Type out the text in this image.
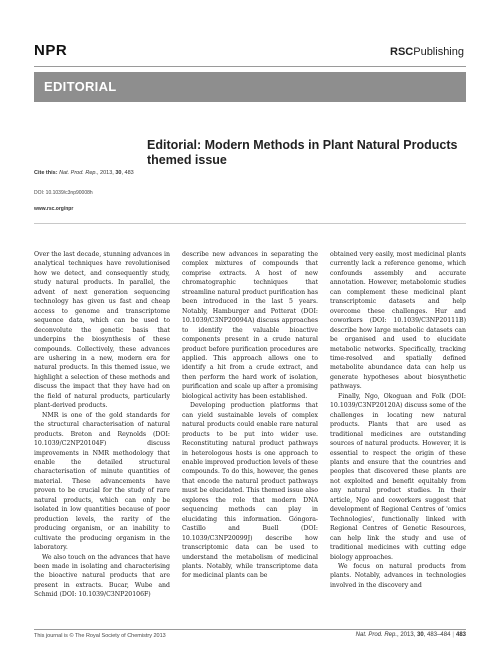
NPR	RSCPublishing
EDITORIAL
Editorial: Modern Methods in Plant Natural Products themed issue
Cite this: Nat. Prod. Rep., 2013, 30, 483
DOI: 10.1039/c3np90008h
www.rsc.org/npr

Over the last decade, stunning advances in analytical techniques have revolutionised how we detect, and consequently study, study natural products. In parallel, the advent of next generation sequencing technology has given us fast and cheap access to genome and transcriptome sequence data, which can be used to deconvolute the genetic basis that underpins the biosynthesis of these compounds. Collectively, these advances are ushering in a new, modern era for natural products. In this themed issue, we highlight a selection of these methods and discuss the impact that they have had on the field of natural products, particularly plant-derived products.

NMR is one of the gold standards for the structural characterisation of natural products. Breton and Reynolds (DOI: 10.1039/C2NP20104F) discuss improvements in NMR methodology that enable the detailed structural characterisation of minute quantities of material. These advancements have proven to be crucial for the study of rare natural products, which can only be isolated in low quantities because of poor production levels, the rarity of the producing organism, or an inability to cultivate the producing organism in the laboratory.

We also touch on the advances that have been made in isolating and characterising the bioactive natural products that are present in extracts. Bucar, Wube and Schmid (DOI: 10.1039/C3NP20106F)

describe new advances in separating the complex mixtures of compounds that comprise extracts. A host of new chromatographic techniques that streamline natural product purification has been introduced in the last 5 years. Notably, Hamburger and Potterat (DOI: 10.1039/C3NP20094A) discuss approaches to identify the valuable bioactive components present in a crude natural product before purification procedures are applied. This approach allows one to identify a hit from a crude extract, and then perform the hard work of isolation, purification and scale up after a promising biological activity has been established.

Developing production platforms that can yield sustainable levels of complex natural products could enable rare natural products to be put into wider use. Reconstituting natural product pathways in heterologous hosts is one approach to enable improved production levels of these compounds. To do this, however, the genes that encode the natural product pathways must be elucidated. This themed issue also explores the role that modern DNA sequencing methods can play in elucidating this information. Góngora-Castillo and Buell (DOI: 10.1039/C3NP20099J) describe how transcriptomic data can be used to understand the metabolism of medicinal plants. Notably, while transcriptome data for medicinal plants can be

obtained very easily, most medicinal plants currently lack a reference genome, which confounds assembly and accurate annotation. However, metabolomic studies can complement these medicinal plant transcriptomic datasets and help overcome these challenges. Hur and coworkers (DOI: 10.1039/C3NP20111B) describe how large metabolic datasets can be organised and used to elucidate metabolic networks. Specifically, tracking time-resolved and spatially defined metabolite abundance data can help us generate hypotheses about biosynthetic pathways.

Finally, Ngo, Okoguan and Folk (DOI: 10.1039/C3NP20120A) discuss some of the challenges in locating new natural products. Plants that are used as traditional medicines are outstanding sources of natural products. However, it is essential to respect the origin of these plants and ensure that the countries and peoples that discovered these plants are not exploited and benefit equitably from any natural product studies. In their article, Ngo and coworkers suggest that development of Regional Centres of 'omics Technologies', functionally linked with Regional Centres of Genetic Resources, can help link the study and use of traditional medicines with cutting edge biology approaches.

We focus on natural products from plants. Notably, advances in technologies involved in the discovery and

This journal is © The Royal Society of Chemistry 2013	Nat. Prod. Rep., 2013, 30, 483–484 | 483
